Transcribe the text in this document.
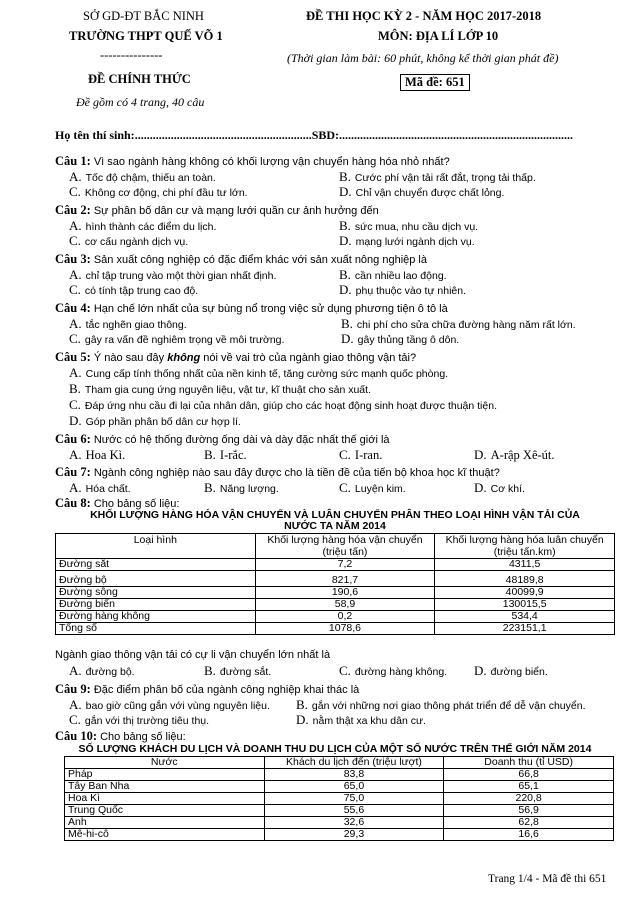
SỞ GD-ĐT BẮC NINH
TRƯỜNG THPT QUẾ VÕ 1
---------------
ĐỀ CHÍNH THỨC
Đề gồm có 4 trang, 40 câu
ĐỀ THI HỌC KỲ 2 - NĂM HỌC 2017-2018
MÔN: ĐỊA LÍ LỚP 10
(Thời gian làm bài: 60 phút, không kể thời gian phát đề)
Mã đề: 651
Họ tên thí sinh:...........................................................SBD:..............................................................................
Câu 1: Vì sao ngành hàng không có khối lượng vận chuyển hàng hóa nhỏ nhất?
A. Tốc độ chậm, thiếu an toàn.	B. Cước phí vận tải rất đắt, trọng tải thấp.
C. Không cơ động, chi phí đầu tư lớn.	D. Chỉ vận chuyển được chất lỏng.
Câu 2: Sự phân bố dân cư và mạng lưới quần cư ảnh hưởng đến
A. hình thành các điểm du lịch.	B. sức mua, nhu cầu dịch vụ.
C. cơ cấu ngành dịch vụ.	D. mạng lưới ngành dịch vụ.
Câu 3: Sản xuất công nghiệp có đặc điểm khác với sản xuất nông nghiệp là
A. chỉ tập trung vào một thời gian nhất định.	B. cần nhiều lao động.
C. có tính tập trung cao độ.	D. phụ thuộc vào tự nhiên.
Câu 4: Hạn chế lớn nhất của sự bùng nổ trong việc sử dụng phương tiện ô tô là
A. tắc nghẽn giao thông.	B. chi phí cho sửa chữa đường hàng năm rất lớn.
C. gây ra vấn đề nghiêm trọng về môi trường.	D. gây thủng tầng ô dôn.
Câu 5: Ý nào sau đây không nói về vai trò của ngành giao thông vận tải?
A. Cung cấp tính thống nhất của nền kinh tế, tăng cường sức mạnh quốc phòng.
B. Tham gia cung ứng nguyên liệu, vật tư, kĩ thuật cho sản xuất.
C. Đáp ứng nhu cầu đi lại của nhân dân, giúp cho các hoạt động sinh hoạt được thuận tiện.
D. Góp phần phân bố dân cư hợp lí.
Câu 6: Nước có hệ thống đường ống dài và dày đặc nhất thế giới là
A. Hoa Kì.	B. I-rắc.	C. I-ran.	D. A-rập Xê-út.
Câu 7: Ngành công nghiệp nào sau đây được cho là tiền đề của tiến bộ khoa học kĩ thuật?
A. Hóa chất.	B. Năng lượng.	C. Luyện kim.	D. Cơ khí.
Câu 8: Cho bảng số liệu:
KHỐI LƯỢNG HÀNG HÓA VẬN CHUYỂN VÀ LUÂN CHUYỂN PHÂN THEO LOẠI HÌNH VẬN TẢI CỦA
NƯỚC TA NĂM 2014
Loại hình	Khối lượng hàng hóa vận chuyển (triệu tấn)	Khối lượng hàng hóa luân chuyển (triệu tấn.km)
Đường sắt	7,2	4311,5
Đường bộ	821,7	48189,8
Đường sông	190,6	40099,9
Đường biển	58,9	130015,5
Đường hàng không	0,2	534,4
Tổng số	1078,6	223151,1
Ngành giao thông vận tải có cự li vận chuyển lớn nhất là
A. đường bộ.	B. đường sắt.	C. đường hàng không. D. đường biển.
Câu 9: Đặc điểm phân bố của ngành công nghiệp khai thác là
A. bao giờ cũng gắn với vùng nguyên liệu. B. gắn với những nơi giao thông phát triển để dễ vận chuyển.
C. gắn với thị trường tiêu thụ.	D. nằm thật xa khu dân cư.
Câu 10: Cho bảng số liệu:
SỐ LƯỢNG KHÁCH DU LỊCH VÀ DOANH THU DU LỊCH CỦA MỘT SỐ NƯỚC TRÊN THẾ GIỚI NĂM 2014
Nước	Khách du lịch đến (triệu lượt)	Doanh thu (tỉ USD)
Pháp	83,8	66,8
Tây Ban Nha	65,0	65,1
Hoa Kì	75,0	220,8
Trung Quốc	55,6	56,9
Anh	32,6	62,8
Mê-hi-cô	29,3	16,6
Trang 1/4 - Mã đề thi 651
